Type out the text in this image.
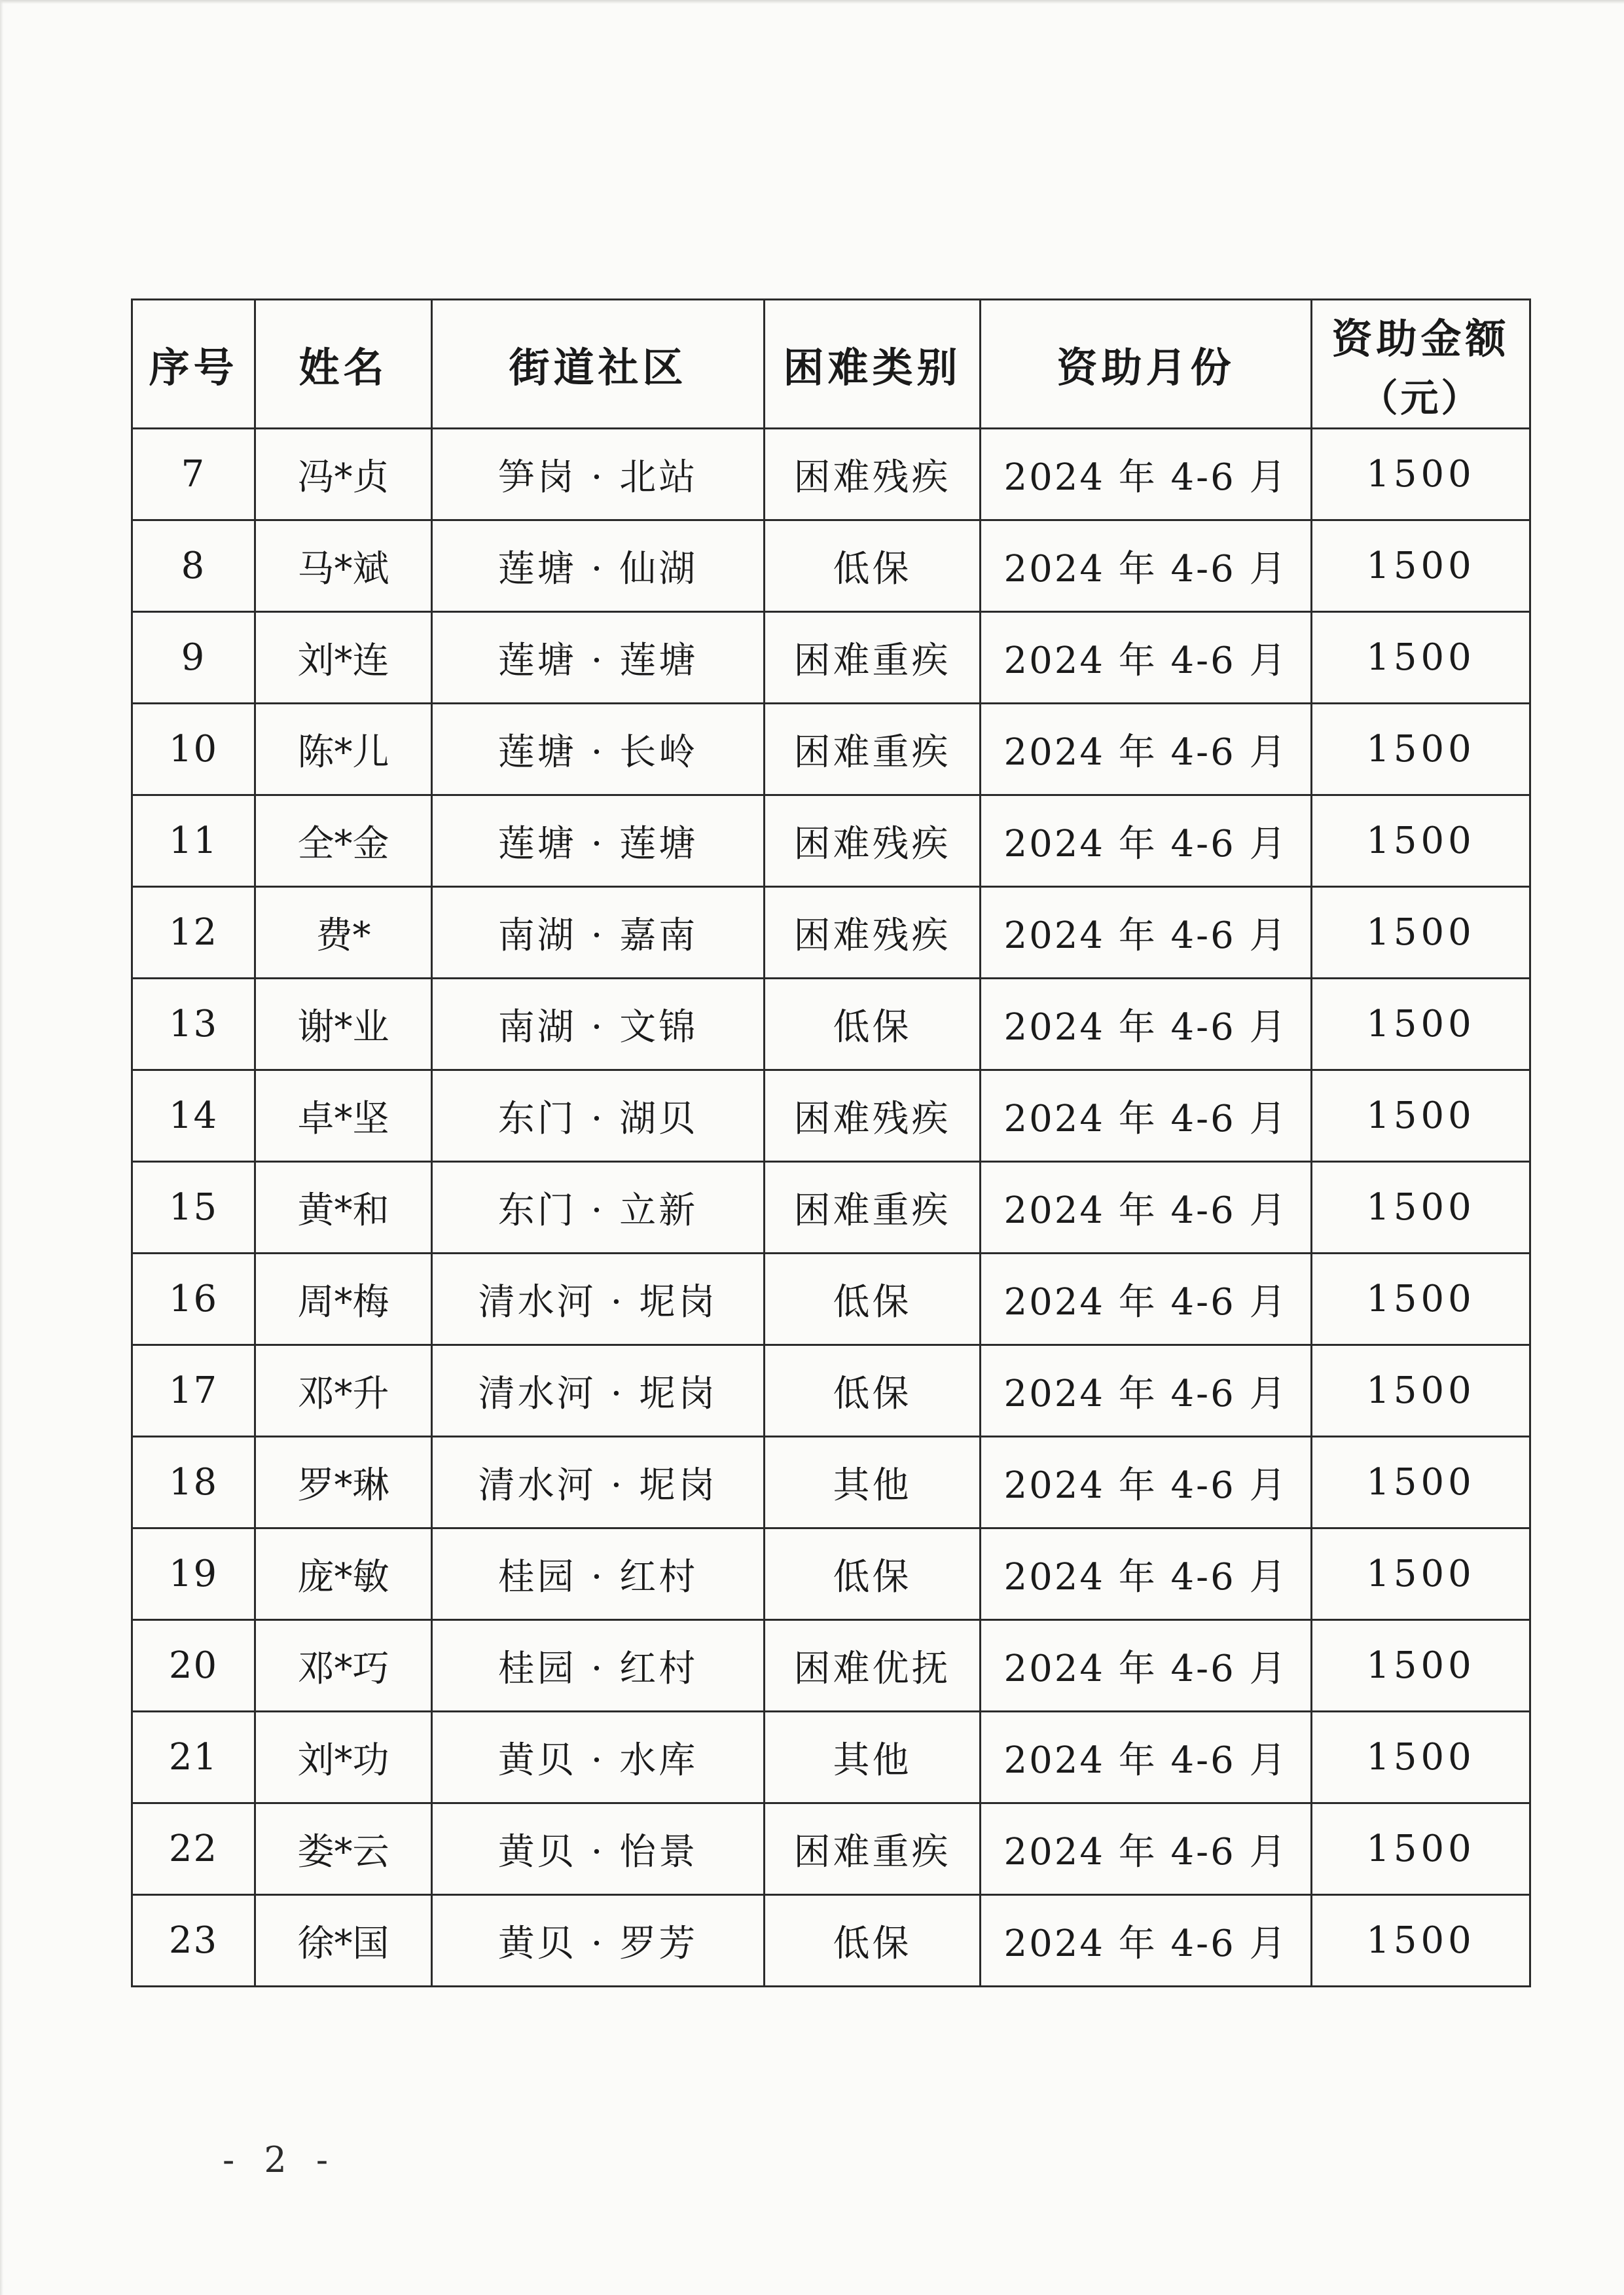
序号	姓名	街道社区	困难类别	资助月份	资助金额
（元）

7	冯*贞	笋岗 · 北站	困难残疾	2024 年 4-6 月	1500
8	马*斌	莲塘 · 仙湖	低保	2024 年 4-6 月	1500
9	刘*连	莲塘 · 莲塘	困难重疾	2024 年 4-6 月	1500
10	陈*儿	莲塘 · 长岭	困难重疾	2024 年 4-6 月	1500
11	全*金	莲塘 · 莲塘	困难残疾	2024 年 4-6 月	1500
12	费*	南湖 · 嘉南	困难残疾	2024 年 4-6 月	1500
13	谢*业	南湖 · 文锦	低保	2024 年 4-6 月	1500
14	卓*坚	东门 · 湖贝	困难残疾	2024 年 4-6 月	1500
15	黄*和	东门 · 立新	困难重疾	2024 年 4-6 月	1500
16	周*梅	清水河 · 坭岗	低保	2024 年 4-6 月	1500
17	邓*升	清水河 · 坭岗	低保	2024 年 4-6 月	1500
18	罗*琳	清水河 · 坭岗	其他	2024 年 4-6 月	1500
19	庞*敏	桂园 · 红村	低保	2024 年 4-6 月	1500
20	邓*巧	桂园 · 红村	困难优抚	2024 年 4-6 月	1500
21	刘*功	黄贝 · 水库	其他	2024 年 4-6 月	1500
22	娄*云	黄贝 · 怡景	困难重疾	2024 年 4-6 月	1500
23	徐*国	黄贝 · 罗芳	低保	2024 年 4-6 月	1500
- 2 -
